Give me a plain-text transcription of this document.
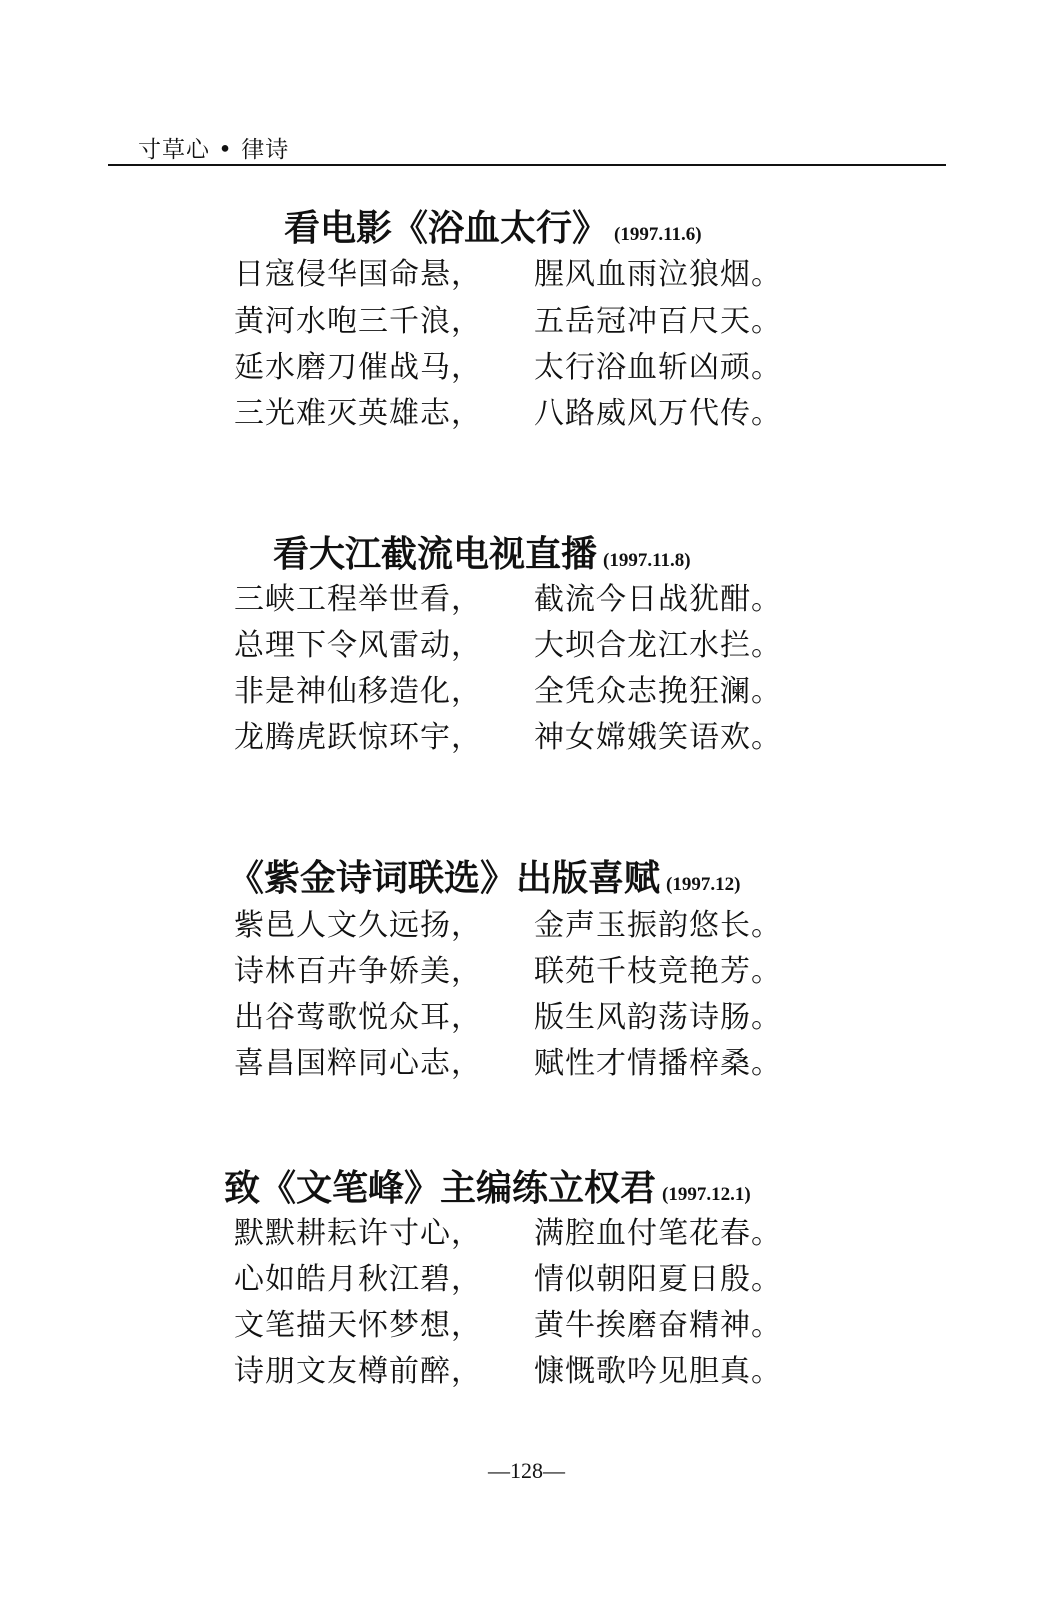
寸草心 • 律诗
看电影《浴血太行》 (1997.11.6)
日寇侵华国命悬， 腥风血雨泣狼烟。
黄河水咆三千浪， 五岳冠冲百尺天。
延水磨刀催战马， 太行浴血斩凶顽。
三光难灭英雄志， 八路威风万代传。
看大江截流电视直播 (1997.11.8)
三峡工程举世看， 截流今日战犹酣。
总理下令风雷动， 大坝合龙江水拦。
非是神仙移造化， 全凭众志挽狂澜。
龙腾虎跃惊环宇， 神女嫦娥笑语欢。
《紫金诗词联选》出版喜赋 (1997.12)
紫邑人文久远扬， 金声玉振韵悠长。
诗林百卉争娇美， 联苑千枝竞艳芳。
出谷莺歌悦众耳， 版生风韵荡诗肠。
喜昌国粹同心志， 赋性才情播梓桑。
致《文笔峰》主编练立权君 (1997.12.1)
默默耕耘许寸心， 满腔血付笔花春。
心如皓月秋江碧， 情似朝阳夏日殷。
文笔描天怀梦想， 黄牛挨磨奋精神。
诗朋文友樽前醉， 慷慨歌吟见胆真。
—128—
